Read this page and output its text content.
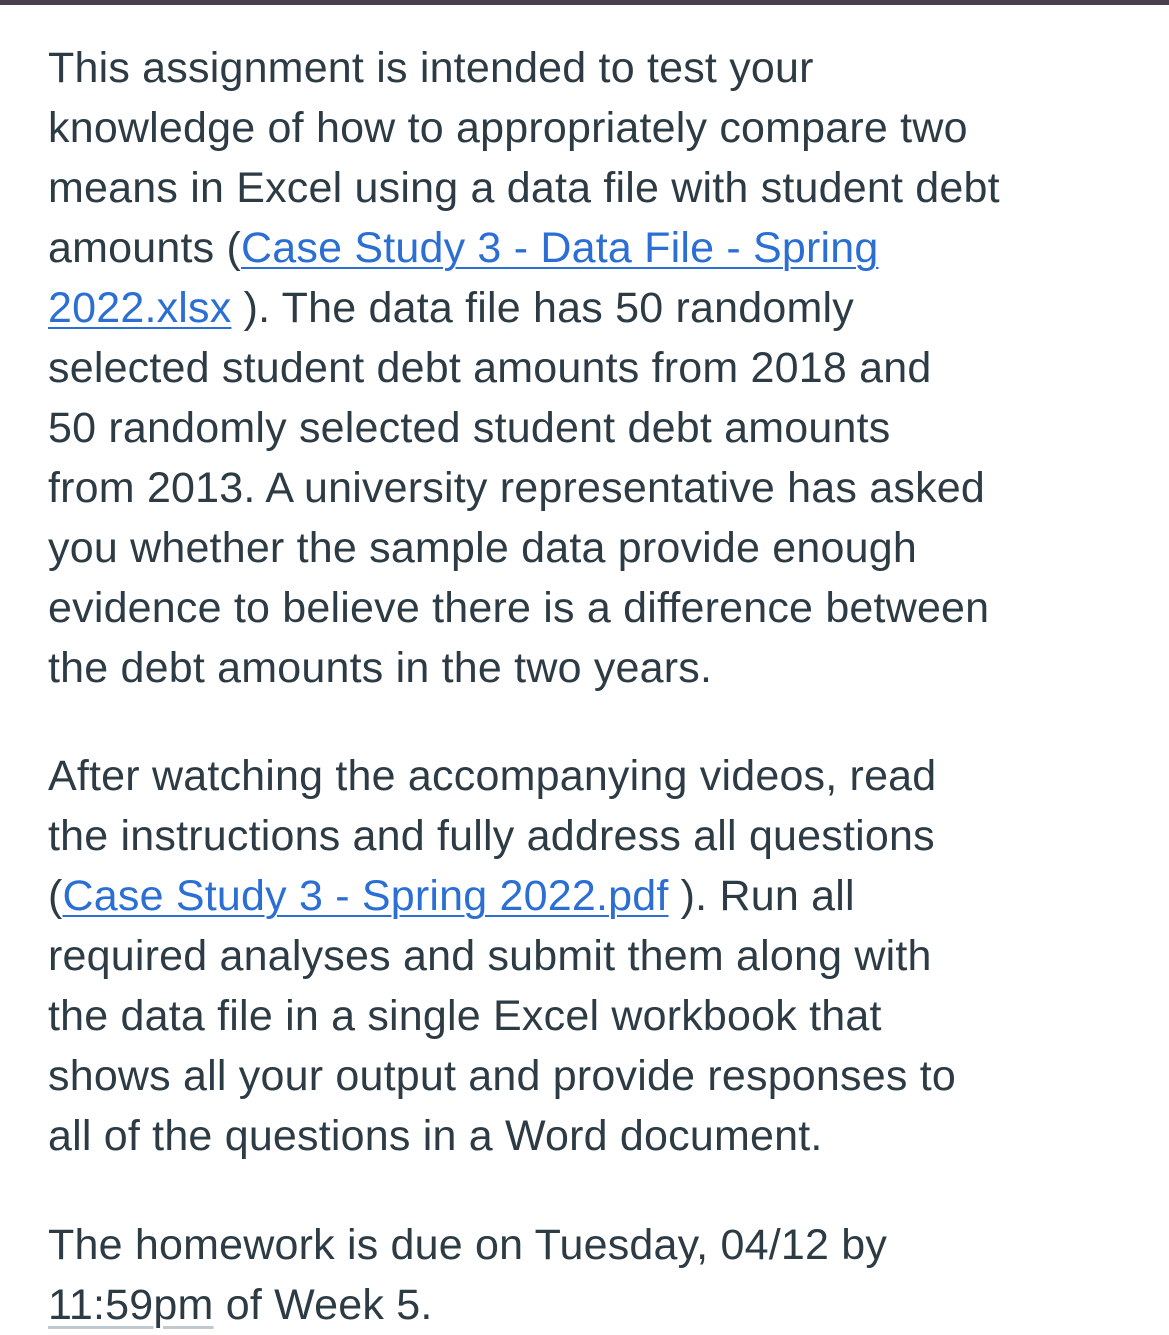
This assignment is intended to test your
knowledge of how to appropriately compare two
means in Excel using a data file with student debt
amounts (Case Study 3 - Data File - Spring
2022.xlsx ). The data file has 50 randomly
selected student debt amounts from 2018 and
50 randomly selected student debt amounts
from 2013. A university representative has asked
you whether the sample data provide enough
evidence to believe there is a difference between
the debt amounts in the two years.
After watching the accompanying videos, read
the instructions and fully address all questions
(Case Study 3 - Spring 2022.pdf ). Run all
required analyses and submit them along with
the data file in a single Excel workbook that
shows all your output and provide responses to
all of the questions in a Word document.
The homework is due on Tuesday, 04/12 by
11:59pm of Week 5.
